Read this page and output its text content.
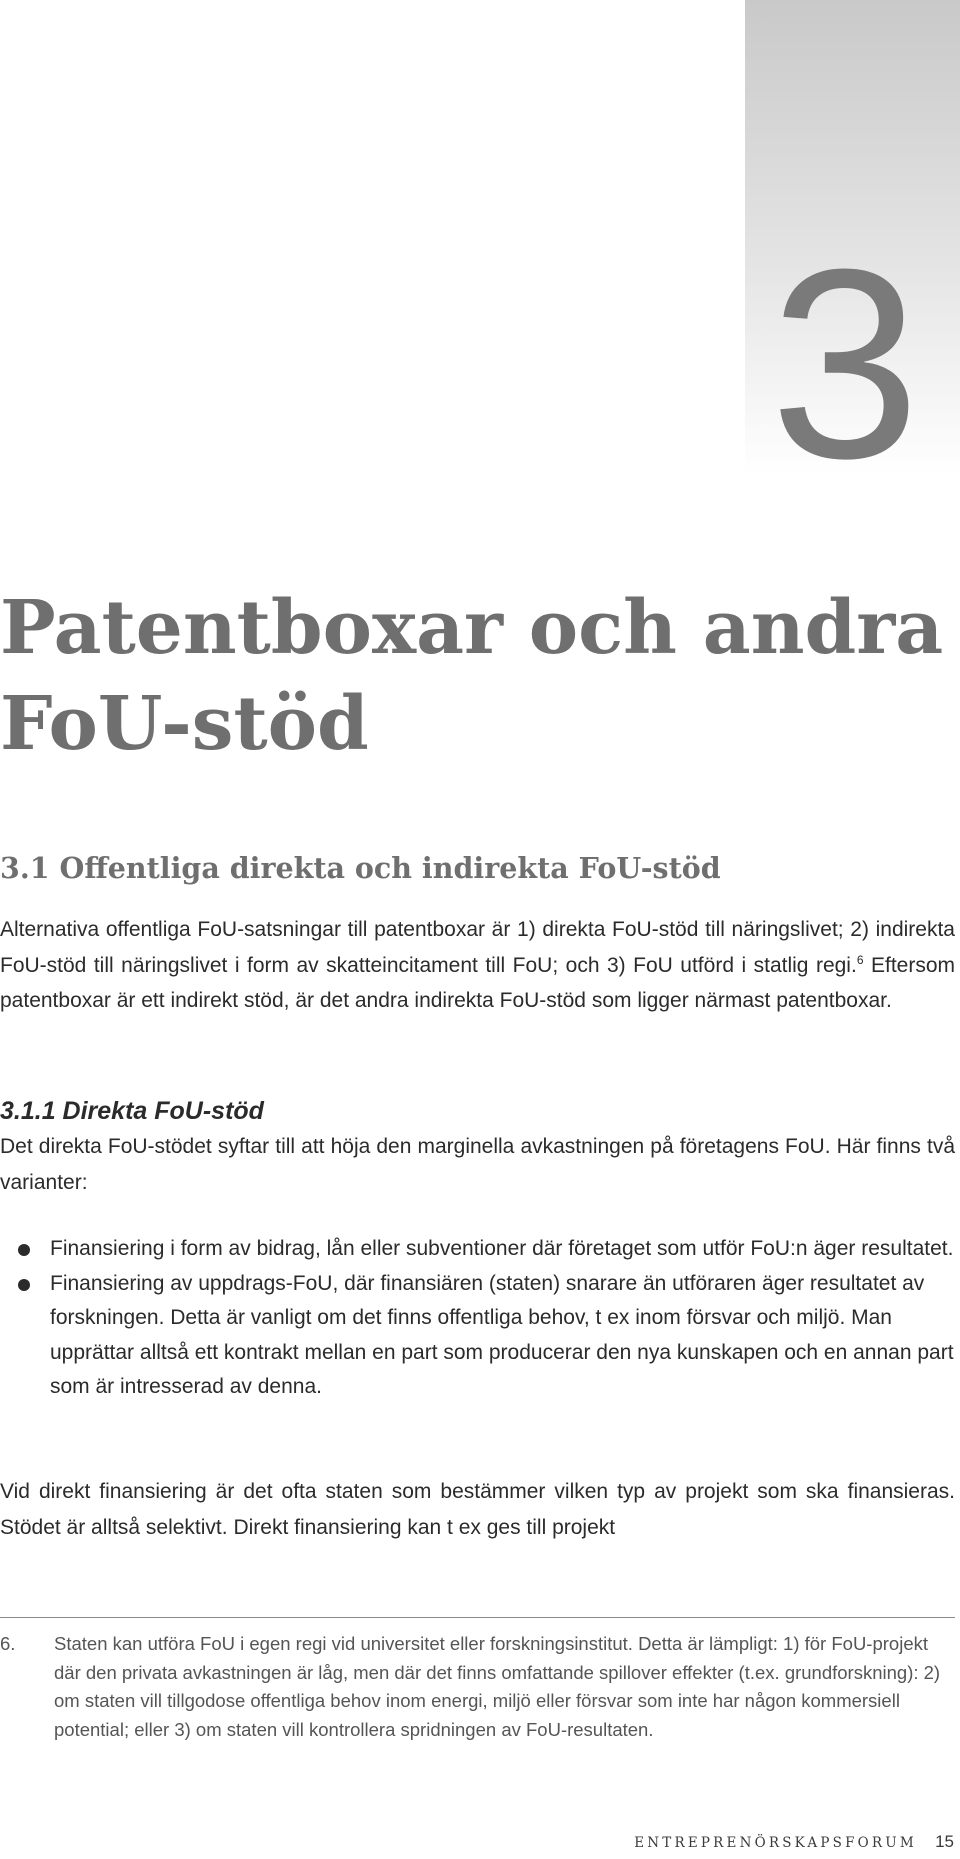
3
Patentboxar och andra
FoU-stöd
3.1 Offentliga direkta och indirekta FoU-stöd

Alternativa offentliga FoU-satsningar till patentboxar är 1) direkta FoU-stöd till näringslivet; 2) indirekta FoU-stöd till näringslivet i form av skatteincitament till FoU; och 3) FoU utförd i statlig regi.$^6$ Eftersom patentboxar är ett indirekt stöd, är det andra indirekta FoU-stöd som ligger närmast patentboxar.

3.1.1 Direkta FoU-stöd

Det direkta FoU-stödet syftar till att höja den marginella avkastningen på företagens FoU. Här finns två varianter:

Finansiering i form av bidrag, lån eller subventioner där företaget som utför FoU:n äger resultatet.
Finansiering av uppdrags-FoU, där finansiären (staten) snarare än utföraren äger resultatet av forskningen. Detta är vanligt om det finns offentliga behov, t ex inom försvar och miljö. Man upprättar alltså ett kontrakt mellan en part som producerar den nya kunskapen och en annan part som är intresserad av denna.

Vid direkt finansiering är det ofta staten som bestämmer vilken typ av projekt som ska finansieras. Stödet är alltså selektivt. Direkt finansiering kan t ex ges till projekt

6. Staten kan utföra FoU i egen regi vid universitet eller forskningsinstitut. Detta är lämpligt: 1) för FoU-projekt där den privata avkastningen är låg, men där det finns omfattande spillover effekter (t.ex. grundforskning): 2) om staten vill tillgodose offentliga behov inom energi, miljö eller försvar som inte har någon kommersiell potential; eller 3) om staten vill kontrollera spridningen av FoU-resultaten.
ENTREPRENÖRSKAPSFORUM 15
